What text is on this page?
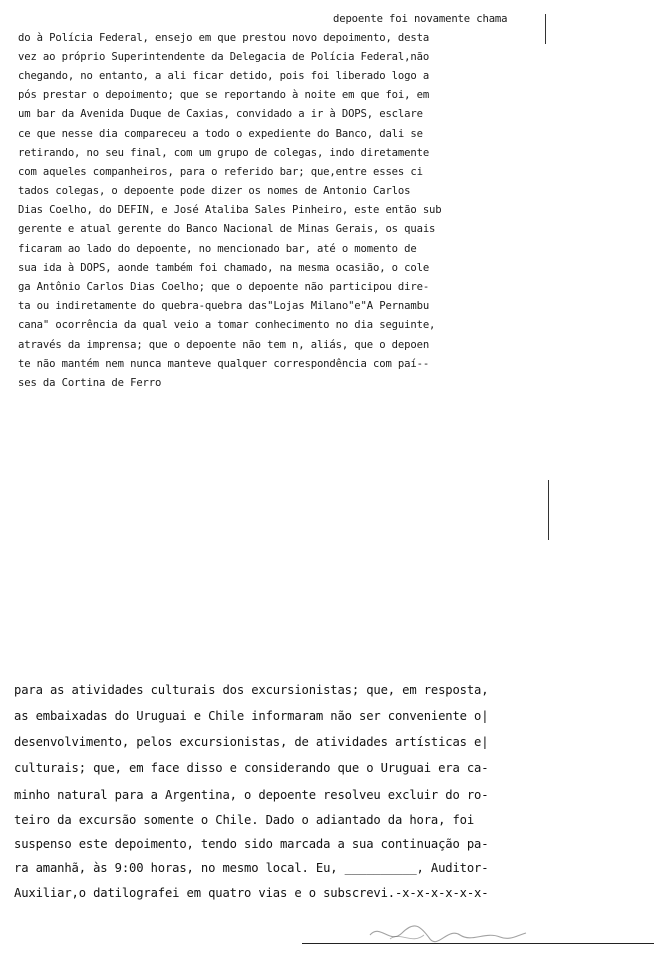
depoente foi novamente chama

do à Polícia Federal, ensejo em que prestou novo depoimento, desta

vez ao próprio Superintendente da Delegacia de Polícia Federal,não

chegando, no entanto, a ali ficar detido, pois foi liberado logo a

pós prestar o depoimento; que se reportando à noite em que foi, em

um bar da Avenida Duque de Caxias, convidado a ir à DOPS, esclare

ce que nesse dia compareceu a todo o expediente do Banco, dali se

retirando, no seu final, com um grupo de colegas, indo diretamente

com aqueles companheiros, para o referido bar; que,entre esses ci

tados colegas, o depoente pode dizer os nomes de Antonio Carlos

Dias Coelho, do DEFIN, e José Ataliba Sales Pinheiro, este então sub

gerente e atual gerente do Banco Nacional de Minas Gerais, os quais

ficaram ao lado do depoente, no mencionado bar, até o momento de

sua ida à DOPS, aonde também foi chamado, na mesma ocasião, o cole

ga Antônio Carlos Dias Coelho; que o depoente não participou dire-

ta ou indiretamente do quebra-quebra das"Lojas Milano"e"A Pernambu

cana" ocorrência da qual veio a tomar conhecimento no dia seguinte,

através da imprensa; que o depoente não tem n, aliás, que o depoen

te não mantém nem nunca manteve qualquer correspondência com paí--

ses da Cortina de Ferro

para as atividades culturais dos excursionistas; que, em resposta,

as embaixadas do Uruguai e Chile informaram não ser conveniente o|

desenvolvimento, pelos excursionistas, de atividades artísticas e|

culturais; que, em face disso e considerando que o Uruguai era ca-

minho natural para a Argentina, o depoente resolveu excluir do ro-

teiro da excursão somente o Chile. Dado o adiantado da hora, foi

suspenso este depoimento, tendo sido marcada a sua continuação pa-

ra amanhã, às 9:00 horas, no mesmo local. Eu, __________, Auditor-

Auxiliar,o datilografei em quatro vias e o subscrevi.-x-x-x-x-x-x-
